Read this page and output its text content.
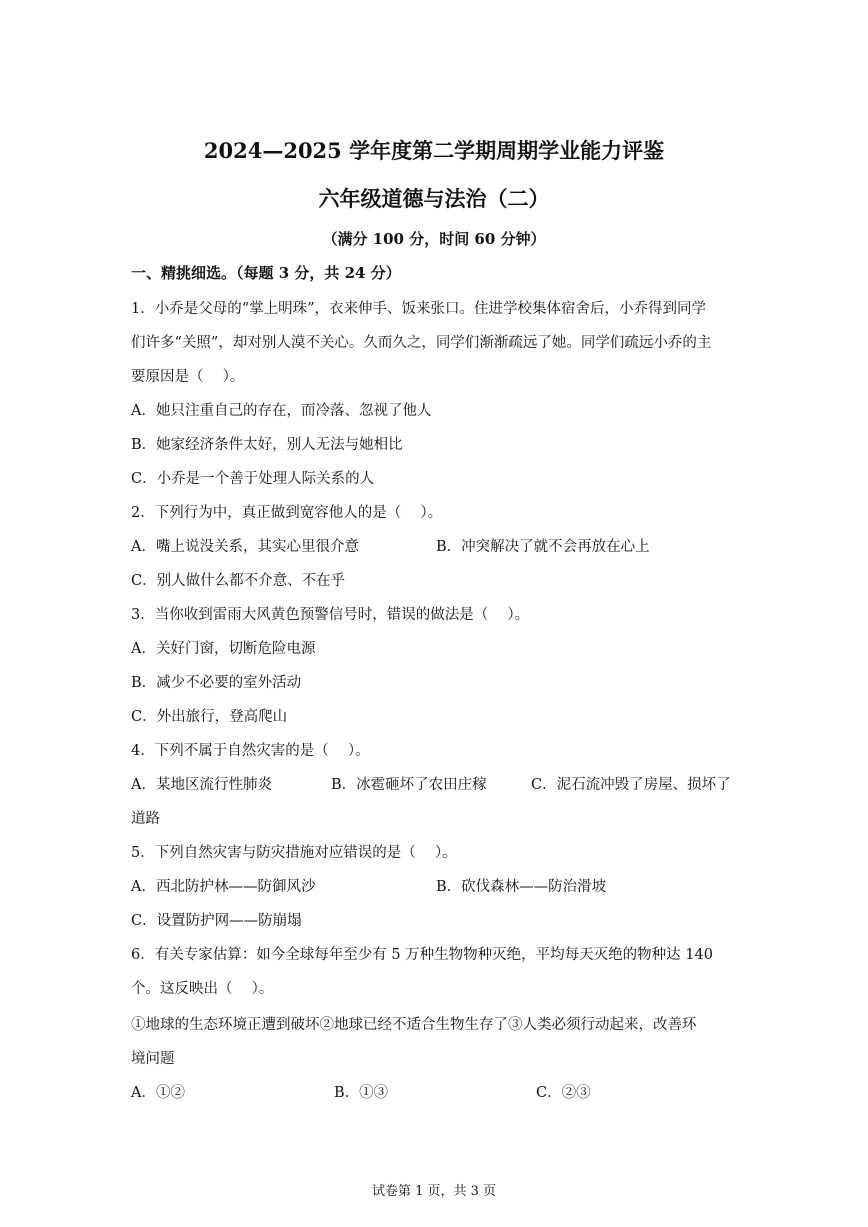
2024—2025 学年度第二学期周期学业能力评鉴
六年级道德与法治（二）
（满分 100 分，时间 60 分钟）
一、精挑细选。（每题 3 分，共 24 分）
1．小乔是父母的“掌上明珠”，衣来伸手、饭来张口。住进学校集体宿舍后，小乔得到同学
们许多“关照”，却对别人漠不关心。久而久之，同学们渐渐疏远了她。同学们疏远小乔的主
要原因是（　 ）。
A．她只注重自己的存在，而冷落、忽视了他人
B．她家经济条件太好，别人无法与她相比
C．小乔是一个善于处理人际关系的人
2．下列行为中，真正做到宽容他人的是（　 ）。
A．嘴上说没关系，其实心里很介意	B．冲突解决了就不会再放在心上
C．别人做什么都不介意、不在乎
3．当你收到雷雨大风黄色预警信号时，错误的做法是（　 ）。
A．关好门窗，切断危险电源
B．减少不必要的室外活动
C．外出旅行，登高爬山
4．下列不属于自然灾害的是（　 ）。
A．某地区流行性肺炎	B．冰雹砸坏了农田庄稼	C．泥石流冲毁了房屋、损坏了
道路
5．下列自然灾害与防灾措施对应错误的是（　 ）。
A．西北防护林——防御风沙	B．砍伐森林——防治滑坡
C．设置防护网——防崩塌
6．有关专家估算：如今全球每年至少有 5 万种生物物种灭绝，平均每天灭绝的物种达 140
个。这反映出（　 ）。
①地球的生态环境正遭到破坏②地球已经不适合生物生存了③人类必须行动起来，改善环
境问题
A．①②	B．①③	C．②③
试卷第 1 页，共 3 页
